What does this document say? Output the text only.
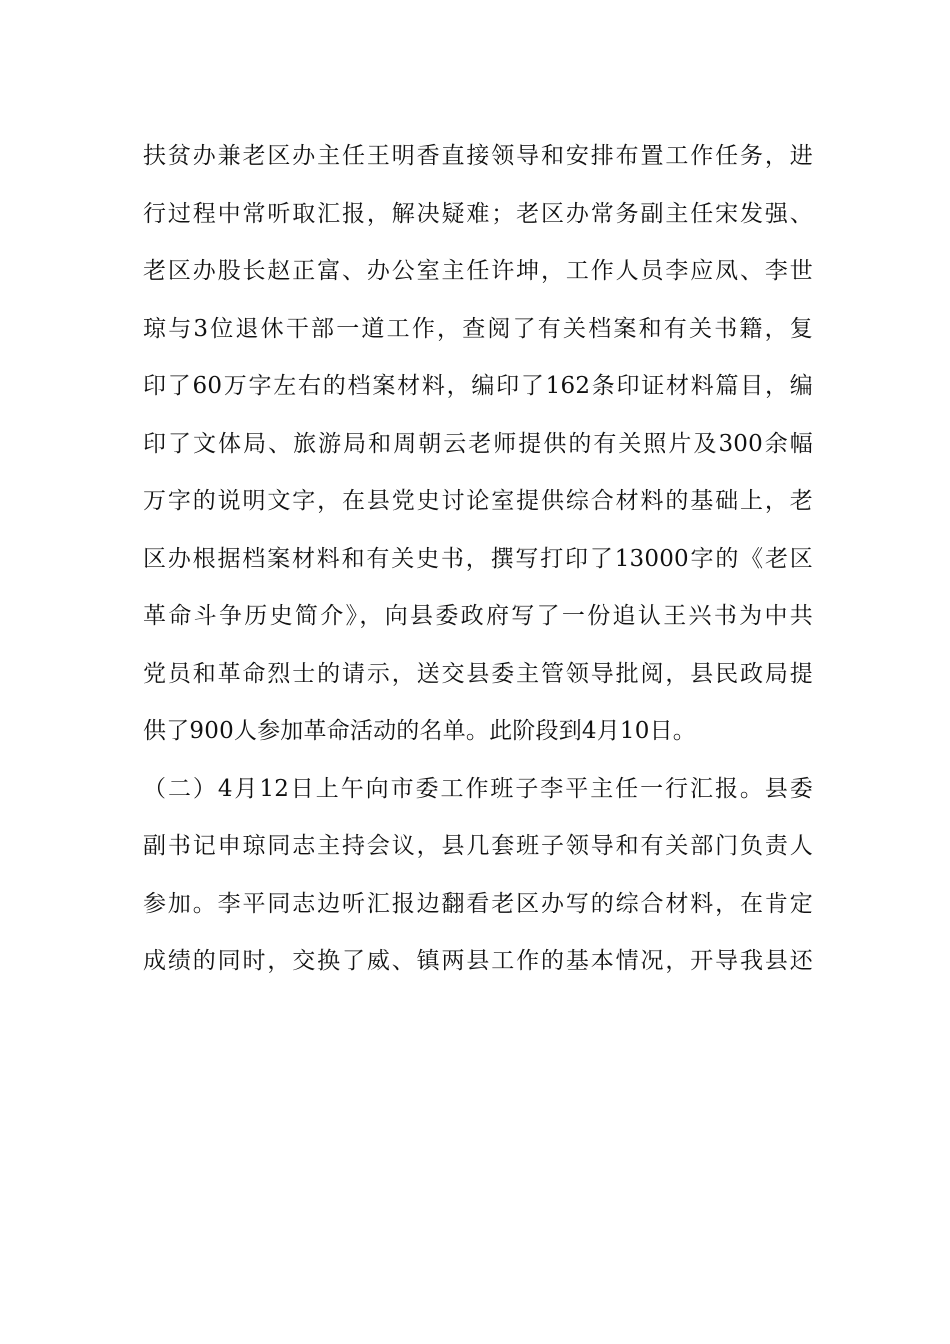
扶贫办兼老区办主任王明香直接领导和安排布置工作任务，进
行过程中常听取汇报，解决疑难；老区办常务副主任宋发强、
老区办股长赵正富、办公室主任许坤，工作人员李应凤、李世
琼与3位退休干部一道工作，查阅了有关档案和有关书籍，复
印了60万字左右的档案材料，编印了162条印证材料篇目，编
印了文体局、旅游局和周朝云老师提供的有关照片及300余幅
万字的说明文字，在县党史讨论室提供综合材料的基础上，老
区办根据档案材料和有关史书，撰写打印了13000字的《老区
革命斗争历史简介》，向县委政府写了一份追认王兴书为中共
党员和革命烈士的请示，送交县委主管领导批阅，县民政局提
供了900人参加革命活动的名单。此阶段到4月10日。
（二）4月12日上午向市委工作班子李平主任一行汇报。县委
副书记申琼同志主持会议，县几套班子领导和有关部门负责人
参加。李平同志边听汇报边翻看老区办写的综合材料，在肯定
成绩的同时，交换了威、镇两县工作的基本情况，开导我县还
